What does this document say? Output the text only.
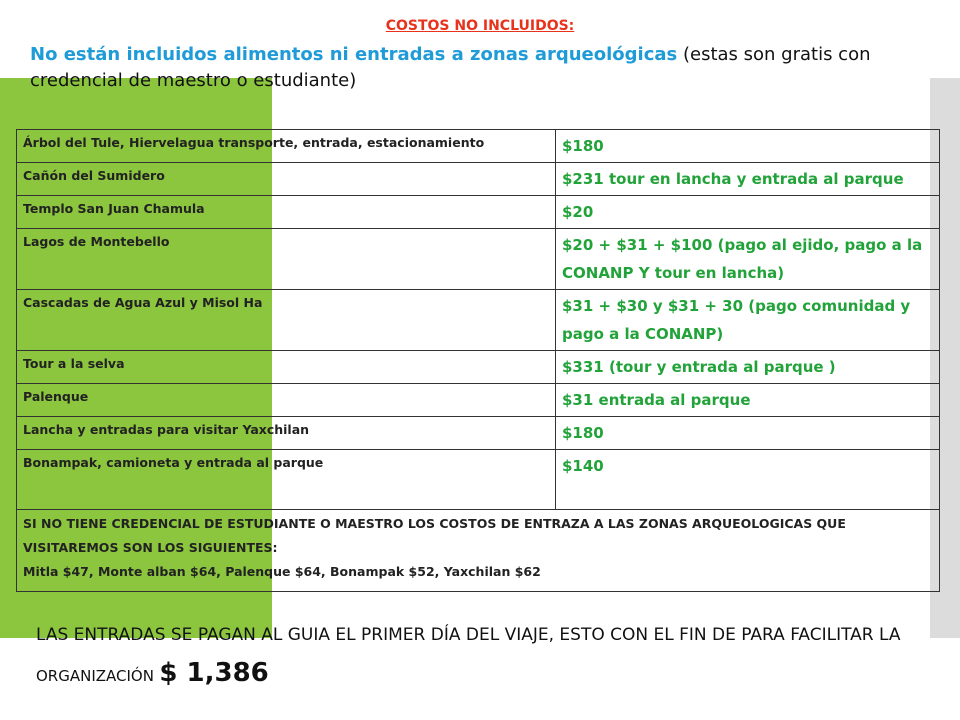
COSTOS NO INCLUIDOS:
No están incluidos alimentos ni entradas a zonas arqueológicas (estas son gratis con credencial de maestro o estudiante)
Árbol del Tule, Hiervelagua transporte, entrada, estacionamiento	$180
Cañón del Sumidero	$231 tour en lancha y entrada al parque
Templo San Juan Chamula	$20
Lagos de Montebello	$20 + $31 + $100 (pago al ejido, pago a la CONANP Y tour en lancha)
Cascadas de Agua Azul y Misol Ha	$31 + $30 y $31 + 30 (pago comunidad y pago a la CONANP)
Tour a la selva	$331 (tour y entrada al parque )
Palenque	$31 entrada al parque
Lancha y entradas para visitar Yaxchilan	$180
Bonampak, camioneta y entrada al parque	$140

SI NO TIENE CREDENCIAL DE ESTUDIANTE O MAESTRO LOS COSTOS DE ENTRAZA A LAS ZONAS ARQUEOLOGICAS QUE VISITAREMOS SON LOS SIGUIENTES:
Mitla $47, Monte alban $64, Palenque $64, Bonampak $52, Yaxchilan $62	
LAS ENTRADAS SE PAGAN AL GUIA EL PRIMER DÍA DEL VIAJE, ESTO CON EL FIN DE PARA FACILITAR LA ORGANIZACIÓN $ 1,386
